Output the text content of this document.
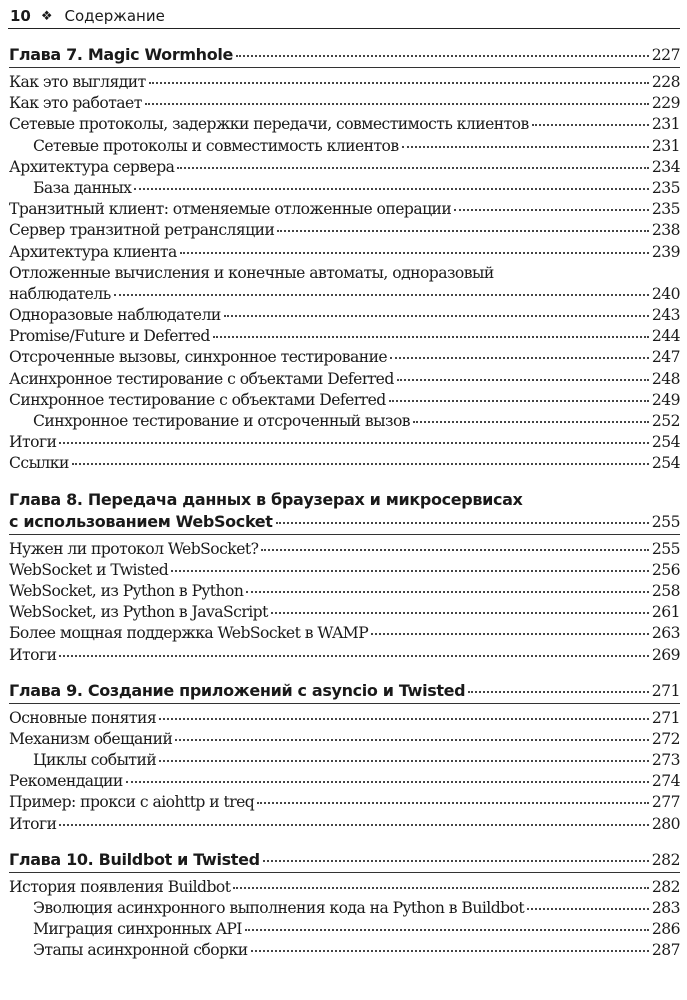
10 ❖ Содержание
Глава 7. Magic Wormhole	227
Как это выглядит	228
Как это работает	229
Сетевые протоколы, задержки передачи, совместимость клиентов	231
Сетевые протоколы и совместимость клиентов	231
Архитектура сервера	234
База данных	235
Транзитный клиент: отменяемые отложенные операции	235
Сервер транзитной ретрансляции	238
Архитектура клиента	239
Отложенные вычисления и конечные автоматы, одноразовый
наблюдатель	240
Одноразовые наблюдатели	243
Promise/Future и Deferred	244
Отсроченные вызовы, синхронное тестирование	247
Асинхронное тестирование с объектами Deferred	248
Синхронное тестирование с объектами Deferred	249
Синхронное тестирование и отсроченный вызов	252
Итоги	254
Ссылки	254
Глава 8. Передача данных в браузерах и микросервисах
с использованием WebSocket	255
Нужен ли протокол WebSocket?	255
WebSocket и Twisted	256
WebSocket, из Python в Python	258
WebSocket, из Python в JavaScript	261
Более мощная поддержка WebSocket в WAMP	263
Итоги	269
Глава 9. Создание приложений с asyncio и Twisted	271
Основные понятия	271
Механизм обещаний	272
Циклы событий	273
Рекомендации	274
Пример: прокси с aiohttp и treq	277
Итоги	280
Глава 10. Buildbot и Twisted	282
История появления Buildbot	282
Эволюция асинхронного выполнения кода на Python в Buildbot	283
Миграция синхронных API	286
Этапы асинхронной сборки	287
